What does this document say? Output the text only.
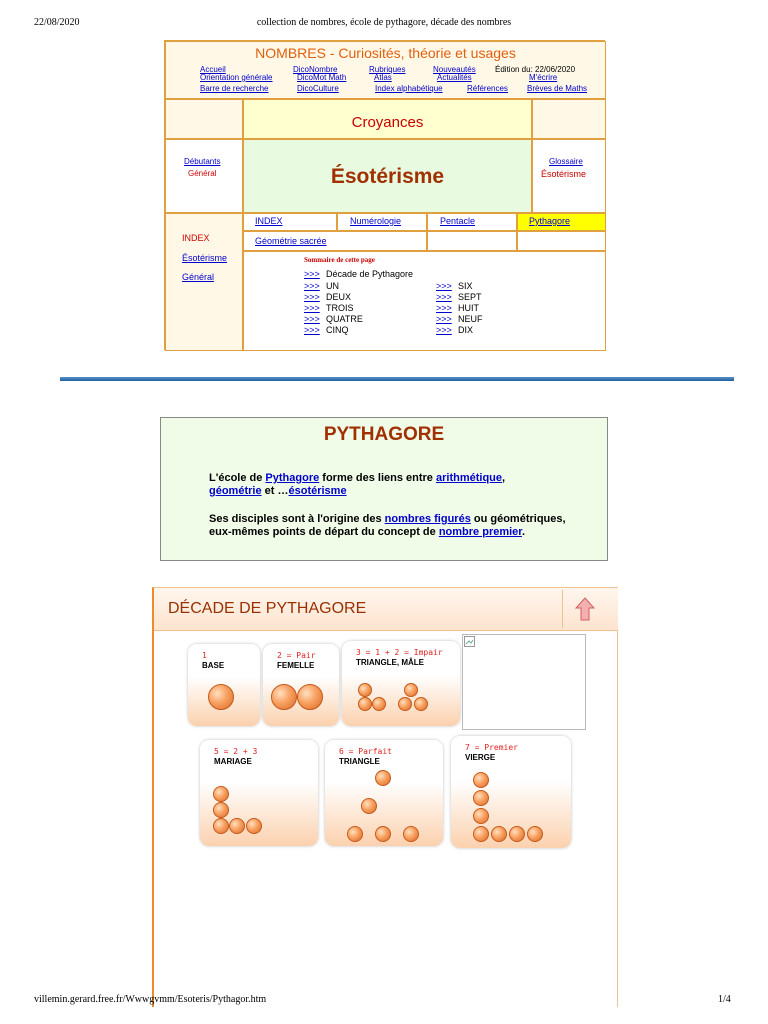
22/08/2020	collection de nombres, école de pythagore, décade des nombres
NOMBRES - Curiosités, théorie et usages
Accueil
Orientation générale
Barre de recherche
DicoNombre
DicoMot Math
DicoCulture
Rubriques
Atlas
Index alphabétique
Nouveautés
Actualités
Références
Édition du: 22/06/2020
M'écrire
Brèves de Maths
Croyances
Débutants
Général	Ésotérisme
Glossaire
Ésotérisme
INDEX
Ésotérisme
Général
INDEX	Numérologie	Pentacle	Pythagore
Géométrie sacrée
Sommaire de cette page
>>> Décade de Pythagore
>>> UN
>>> DEUX
>>> TROIS
>>> QUATRE
>>> CINQ
>>> SIX
>>> SEPT
>>> HUIT
>>> NEUF
>>> DIX
PYTHAGORE

L'école de Pythagore forme des liens entre arithmétique,
géométrie et …ésotérisme

Ses disciples sont à l'origine des nombres figurés ou géométriques, eux-mêmes points de départ du concept de nombre premier.

DÉCADE DE PYTHAGORE
1
BASE
2 = Pair
FEMELLE
3 = 1 + 2 = Impair
TRIANGLE, MÂLE
5 = 2 + 3
MARIAGE
6 = Parfait
TRIANGLE
7 = Premier
VIERGE
villemin.gerard.free.fr/Wwwgvmm/Esoteris/Pythagor.htm	1/4
